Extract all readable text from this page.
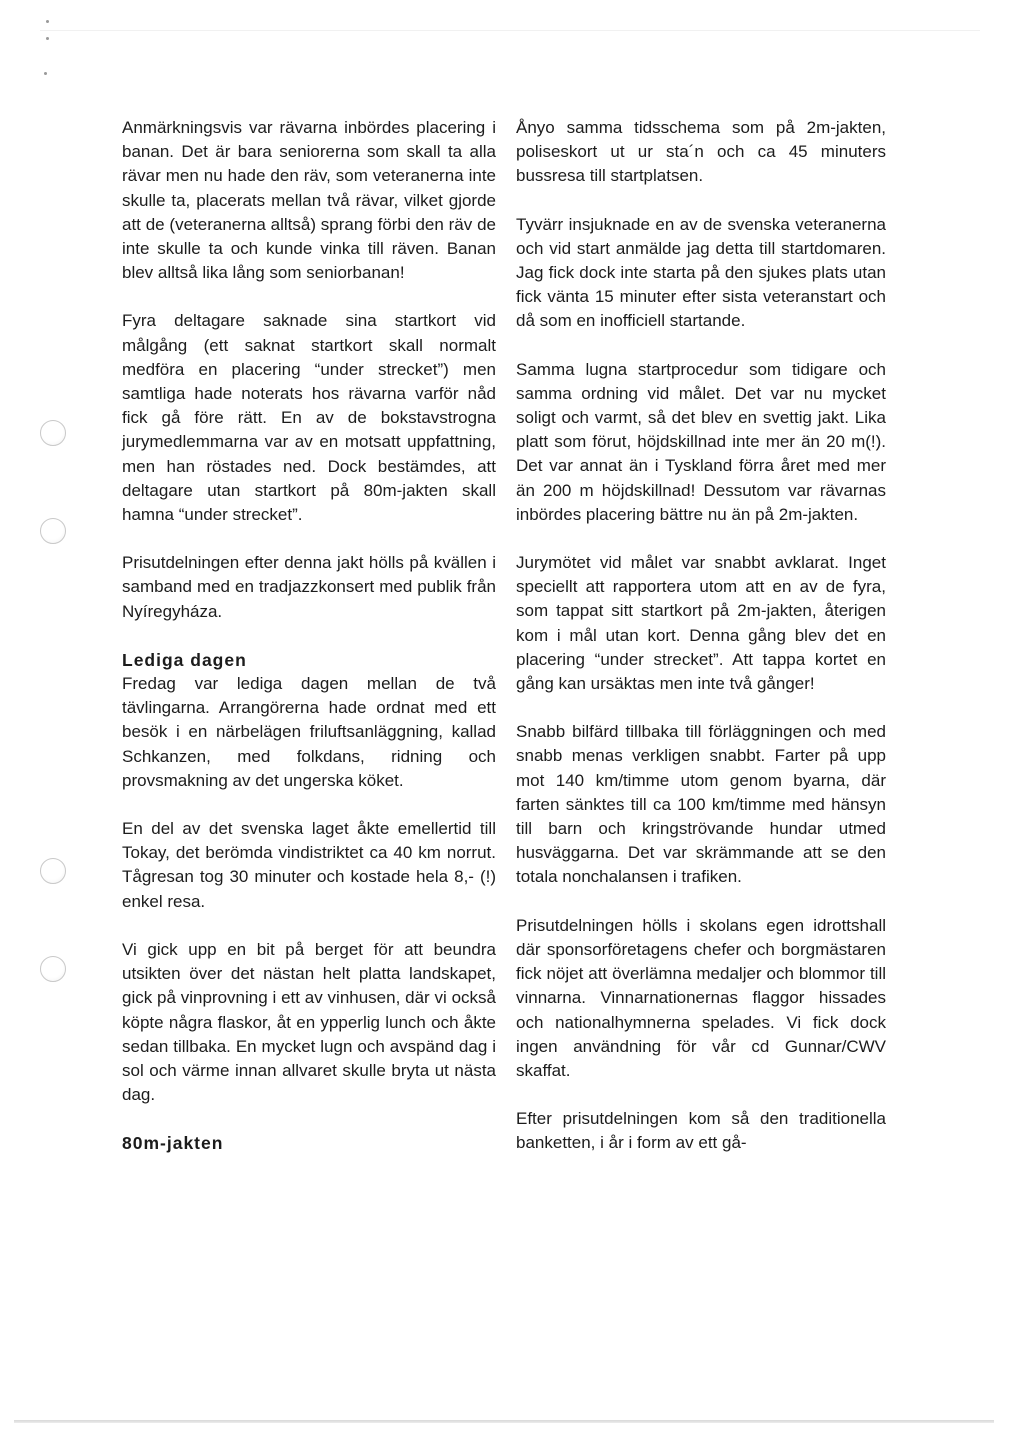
Anmärkningsvis var rävarna inbördes placering i banan. Det är bara seniorerna som skall ta alla rävar men nu hade den räv, som veteranerna inte skulle ta, placerats mellan två rävar, vilket gjorde att de (veteranerna alltså) sprang förbi den räv de inte skulle ta och kunde vinka till räven. Banan blev alltså lika lång som seniorbanan!

Fyra deltagare saknade sina startkort vid målgång (ett saknat startkort skall normalt medföra en placering “under strecket”) men samtliga hade noterats hos rävarna varför nåd fick gå före rätt. En av de bokstavstrogna jurymedlemmarna var av en motsatt uppfattning, men han röstades ned. Dock bestämdes, att deltagare utan startkort på 80m-jakten skall hamna “under strecket”.

Prisutdelningen efter denna jakt hölls på kvällen i samband med en tradjazzkonsert med publik från Nyíregyháza.

Lediga dagen

Fredag var lediga dagen mellan de två tävlingarna. Arrangörerna hade ordnat med ett besök i en närbelägen friluftsanläggning, kallad Schkanzen, med folkdans, ridning och provsmakning av det ungerska köket.

En del av det svenska laget åkte emellertid till Tokay, det berömda vindistriktet ca 40 km norrut. Tågresan tog 30 minuter och kostade hela 8,- (!) enkel resa.

Vi gick upp en bit på berget för att beundra utsikten över det nästan helt platta landskapet, gick på vinprovning i ett av vinhusen, där vi också köpte några flaskor, åt en ypperlig lunch och åkte sedan tillbaka. En mycket lugn och avspänd dag i sol och värme innan allvaret skulle bryta ut nästa dag.

80m-jakten

Ånyo samma tidsschema som på 2m-jakten, poliseskort ut ur sta´n och ca 45 minuters bussresa till startplatsen.

Tyvärr insjuknade en av de svenska veteranerna och vid start anmälde jag detta till startdomaren. Jag fick dock inte starta på den sjukes plats utan fick vänta 15 minuter efter sista veteranstart och då som en inofficiell startande.

Samma lugna startprocedur som tidigare och samma ordning vid målet. Det var nu mycket soligt och varmt, så det blev en svettig jakt. Lika platt som förut, höjdskillnad inte mer än 20 m(!). Det var annat än i Tyskland förra året med mer än 200 m höjdskillnad! Dessutom var rävarnas inbördes placering bättre nu än på 2m-jakten.

Jurymötet vid målet var snabbt avklarat. Inget speciellt att rapportera utom att en av de fyra, som tappat sitt startkort på 2m-jakten, återigen kom i mål utan kort. Denna gång blev det en placering “under strecket”. Att tappa kortet en gång kan ursäktas men inte två gånger!

Snabb bilfärd tillbaka till förläggningen och med snabb menas verkligen snabbt. Farter på upp mot 140 km/timme utom genom byarna, där farten sänktes till ca 100 km/timme med hänsyn till barn och kringströvande hundar utmed husväggarna. Det var skrämmande att se den totala nonchalansen i trafiken.

Prisutdelningen hölls i skolans egen idrottshall där sponsorföretagens chefer och borgmästaren fick nöjet att överlämna medaljer och blommor till vinnarna. Vinnarnationernas flaggor hissades och nationalhymnerna spelades. Vi fick dock ingen användning för vår cd Gunnar/CWV skaffat.

Efter prisutdelningen kom så den traditionella banketten, i år i form av ett gå-
